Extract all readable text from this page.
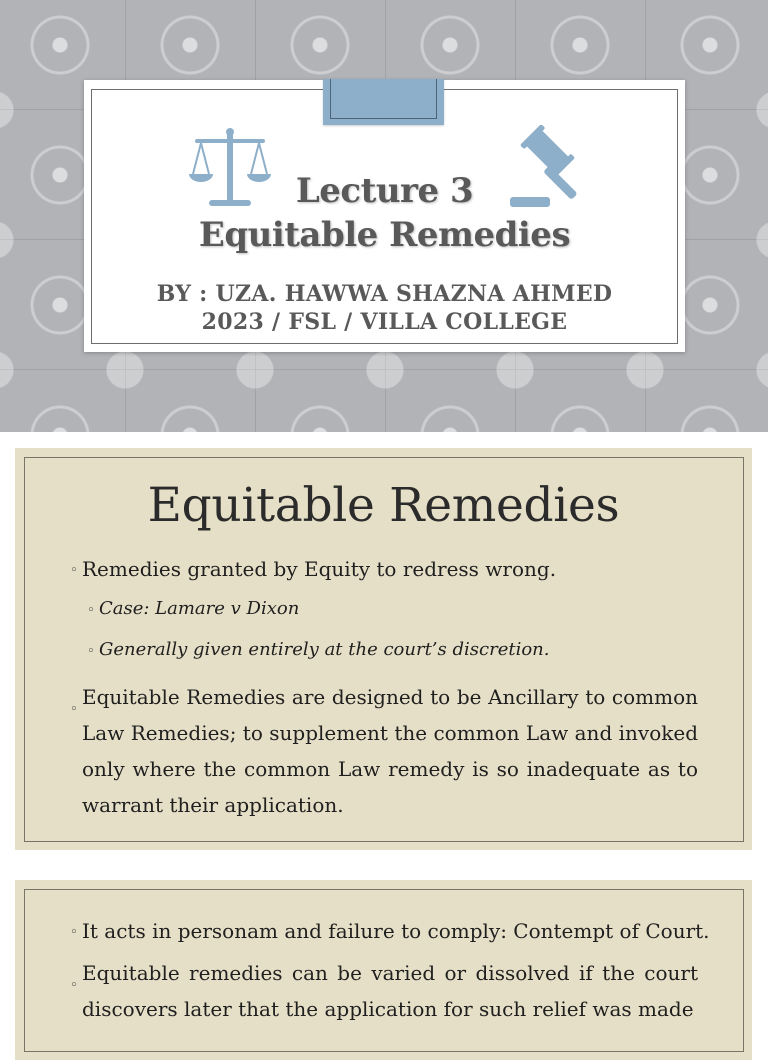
Lecture 3
Equitable Remedies
BY : UZA. HAWWA SHAZNA AHMED
2023 / FSL / VILLA COLLEGE
Equitable Remedies
◦ Remedies granted by Equity to redress wrong.
◦ Case: Lamare v Dixon
◦ Generally given entirely at the court’s discretion.
◦
Equitable Remedies are designed to be Ancillary to common Law Remedies; to supplement the common Law and invoked only where the common Law remedy is so inadequate as to warrant their application.
◦ It acts in personam and failure to comply: Contempt of Court.
◦
Equitable remedies can be varied or dissolved if the court discovers later that the application for such relief was made
